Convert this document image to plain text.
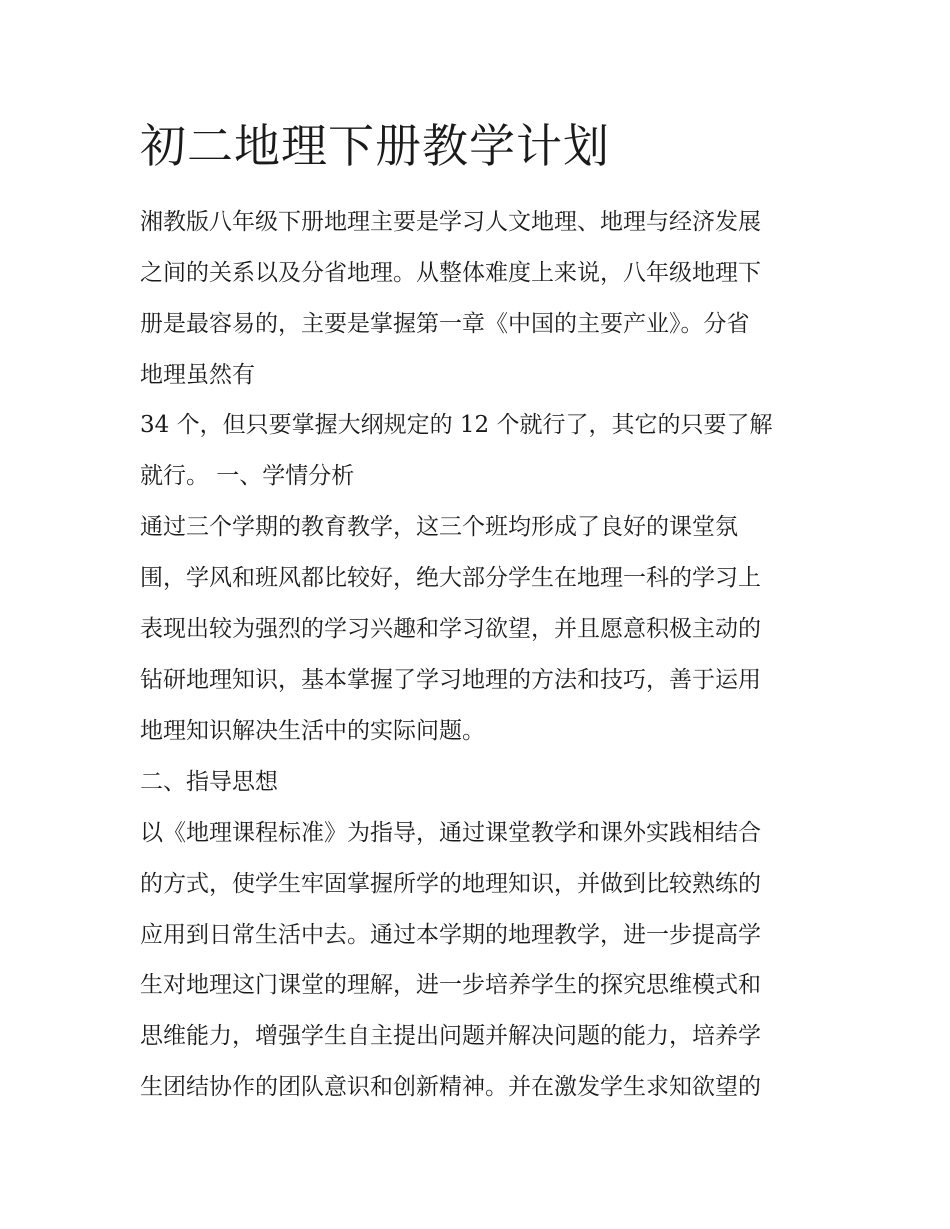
初二地理下册教学计划

湘教版八年级下册地理主要是学习人文地理、地理与经济发展

之间的关系以及分省地理。从整体难度上来说，八年级地理下

册是最容易的，主要是掌握第一章《中国的主要产业》。分省

地理虽然有

34 个，但只要掌握大纲规定的 12 个就行了，其它的只要了解

就行。 一、学情分析

通过三个学期的教育教学，这三个班均形成了良好的课堂氛

围，学风和班风都比较好，绝大部分学生在地理一科的学习上

表现出较为强烈的学习兴趣和学习欲望，并且愿意积极主动的

钻研地理知识，基本掌握了学习地理的方法和技巧，善于运用

地理知识解决生活中的实际问题。

二、指导思想

以《地理课程标准》为指导，通过课堂教学和课外实践相结合

的方式，使学生牢固掌握所学的地理知识，并做到比较熟练的

应用到日常生活中去。通过本学期的地理教学，进一步提高学

生对地理这门课堂的理解，进一步培养学生的探究思维模式和

思维能力，增强学生自主提出问题并解决问题的能力，培养学

生团结协作的团队意识和创新精神。并在激发学生求知欲望的
